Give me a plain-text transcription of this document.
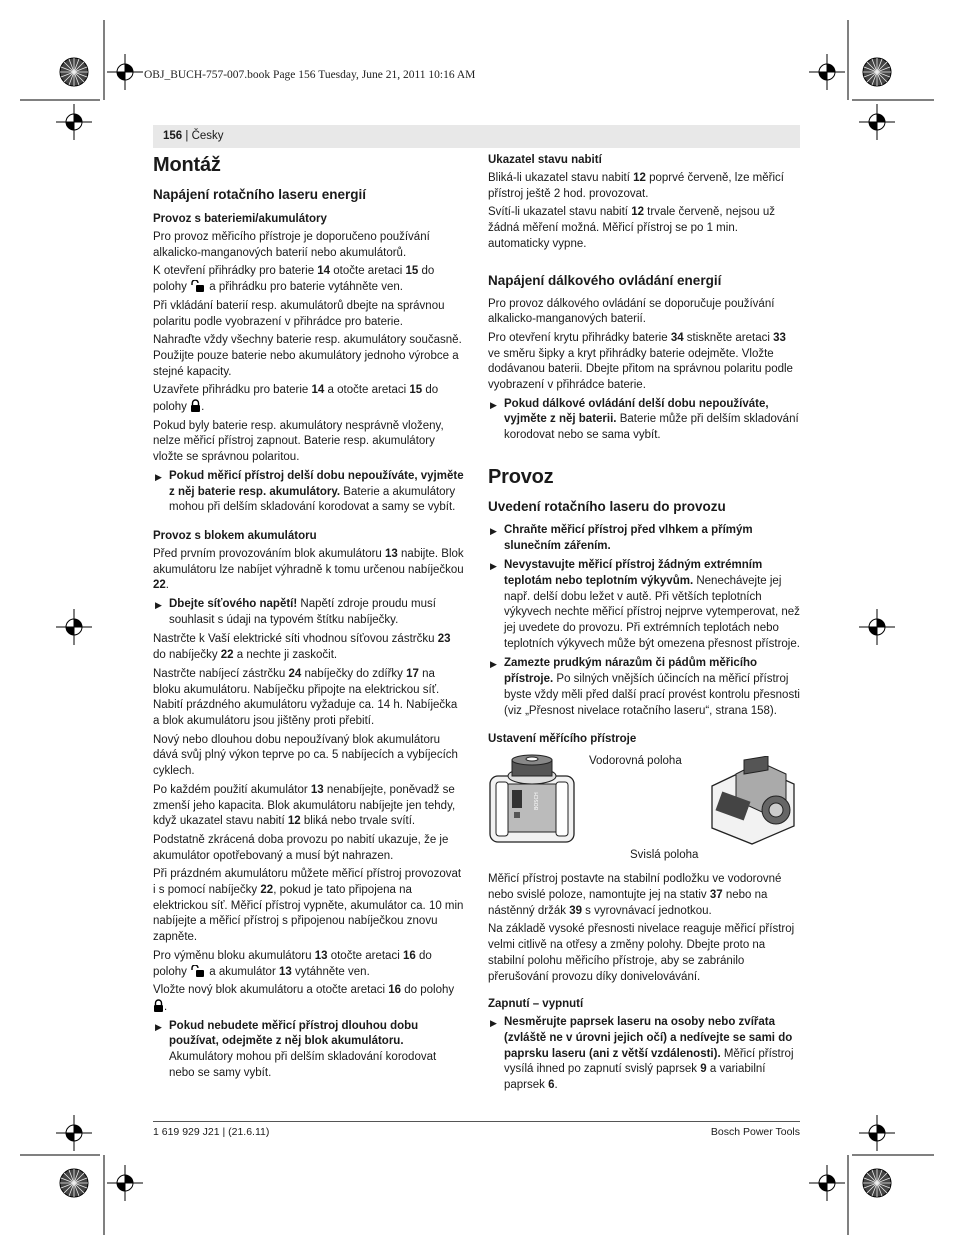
OBJ_BUCH-757-007.book Page 156 Tuesday, June 21, 2011 10:16 AM
156 | Česky
Montáž
Napájení rotačního laseru energií
Provoz s bateriemi/akumulátory

Pro provoz měřicího přístroje je doporučeno používání alkalicko-manganových baterií nebo akumulátorů.

K otevření přihrádky pro baterie 14 otočte aretaci 15 do polohy  a přihrádku pro baterie vytáhněte ven.

Při vkládání baterií resp. akumulátorů dbejte na správnou polaritu podle vyobrazení v přihrádce pro baterie.

Nahraďte vždy všechny baterie resp. akumulátory současně. Použijte pouze baterie nebo akumulátory jednoho výrobce a stejné kapacity.

Uzavřete přihrádku pro baterie 14 a otočte aretaci 15 do polohy .

Pokud byly baterie resp. akumulátory nesprávně vloženy, nelze měřicí přístroj zapnout. Baterie resp. akumulátory vložte se správnou polaritou.

▶ Pokud měřicí přístroj delší dobu nepoužíváte, vyjměte z něj baterie resp. akumulátory. Baterie a akumulátory mohou při delším skladování korodovat a samy se vybít.
Provoz s blokem akumulátoru

Před prvním provozováním blok akumulátoru 13 nabijte. Blok akumulátoru lze nabíjet výhradně k tomu určenou nabíječkou 22.

▶ Dbejte síťového napětí! Napětí zdroje proudu musí souhlasit s údaji na typovém štítku nabíječky.

Nastrčte k Vaší elektrické síti vhodnou síťovou zástrčku 23 do nabíječky 22 a nechte ji zaskočit.

Nastrčte nabíjecí zástrčku 24 nabíječky do zdířky 17 na bloku akumulátoru. Nabíječku připojte na elektrickou síť. Nabití prázdného akumulátoru vyžaduje ca. 14 h. Nabíječka a blok akumulátoru jsou jištěny proti přebití.

Nový nebo dlouhou dobu nepoužívaný blok akumulátoru dává svůj plný výkon teprve po ca. 5 nabíjecích a vybíjecích cyklech.

Po každém použití akumulátor 13 nenabíjejte, poněvadž se zmenší jeho kapacita. Blok akumulátoru nabíjejte jen tehdy, když ukazatel stavu nabití 12 bliká nebo trvale svítí.

Podstatně zkrácená doba provozu po nabití ukazuje, že je akumulátor opotřebovaný a musí být nahrazen.

Při prázdném akumulátoru můžete měřicí přístroj provozovat i s pomocí nabíječky 22, pokud je tato připojena na elektrickou síť. Měřicí přístroj vypněte, akumulátor ca. 10 min nabíjejte a měřicí přístroj s připojenou nabíječkou znovu zapněte.

Pro výměnu bloku akumulátoru 13 otočte aretaci 16 do polohy  a akumulátor 13 vytáhněte ven.

Vložte nový blok akumulátoru a otočte aretaci 16 do polohy
.

▶ Pokud nebudete měřicí přístroj dlouhou dobu používat, odejměte z něj blok akumulátoru. Akumulátory mohou při delším skladování korodovat nebo se samy vybít.
Ukazatel stavu nabití

Bliká-li ukazatel stavu nabití 12 poprvé červeně, lze měřicí přístroj ještě 2 hod. provozovat.

Svítí-li ukazatel stavu nabití 12 trvale červeně, nejsou už žádná měření možná. Měřicí přístroj se po 1 min. automaticky vypne.

Napájení dálkového ovládání energií

Pro provoz dálkového ovládání se doporučuje používání alkalicko-manganových baterií.

Pro otevření krytu přihrádky baterie 34 stiskněte aretaci 33 ve směru šipky a kryt přihrádky baterie odejměte. Vložte dodávanou baterii. Dbejte přitom na správnou polaritu podle vyobrazení v přihrádce baterie.

▶ Pokud dálkové ovládání delší dobu nepoužíváte, vyjměte z něj baterii. Baterie může při delším skladování korodovat nebo se sama vybít.
Provoz
Uvedení rotačního laseru do provozu
▶ Chraňte měřicí přístroj před vlhkem a přímým slunečním zářením.
▶ Nevystavujte měřicí přístroj žádným extrémním teplotám nebo teplotním výkyvům. Nenechávejte jej např. delší dobu ležet v autě. Při větších teplotních výkyvech nechte měřicí přístroj nejprve vytemperovat, než jej uvedete do provozu. Při extrémních teplotách nebo teplotních výkyvech může být omezena přesnost přístroje.
▶ Zamezte prudkým nárazům či pádům měřicího přístroje. Po silných vnějších účincích na měřicí přístroj byste vždy měli před další prací provést kontrolu přesnosti (viz „Přesnost nivelace rotačního laseru“, strana 158).
Ustavení měřícího přístroje
BOSCH
Vodorovná poloha
Svislá poloha

Měřicí přístroj postavte na stabilní podložku ve vodorovné nebo svislé poloze, namontujte jej na stativ 37 nebo na nástěnný držák 39 s vyrovnávací jednotkou.

Na základě vysoké přesnosti nivelace reaguje měřicí přístroj velmi citlivě na otřesy a změny polohy. Dbejte proto na stabilní polohu měřicího přístroje, aby se zabránilo přerušování provozu díky donivelovávání.

Zapnutí – vypnutí
▶ Nesměrujte paprsek laseru na osoby nebo zvířata (zvláště ne v úrovni jejich očí) a nedívejte se sami do paprsku laseru (ani z větší vzdálenosti). Měřicí přístroj vysílá ihned po zapnutí svislý paprsek 9 a variabilní paprsek 6.
1 619 929 J21 | (21.6.11)	Bosch Power Tools
